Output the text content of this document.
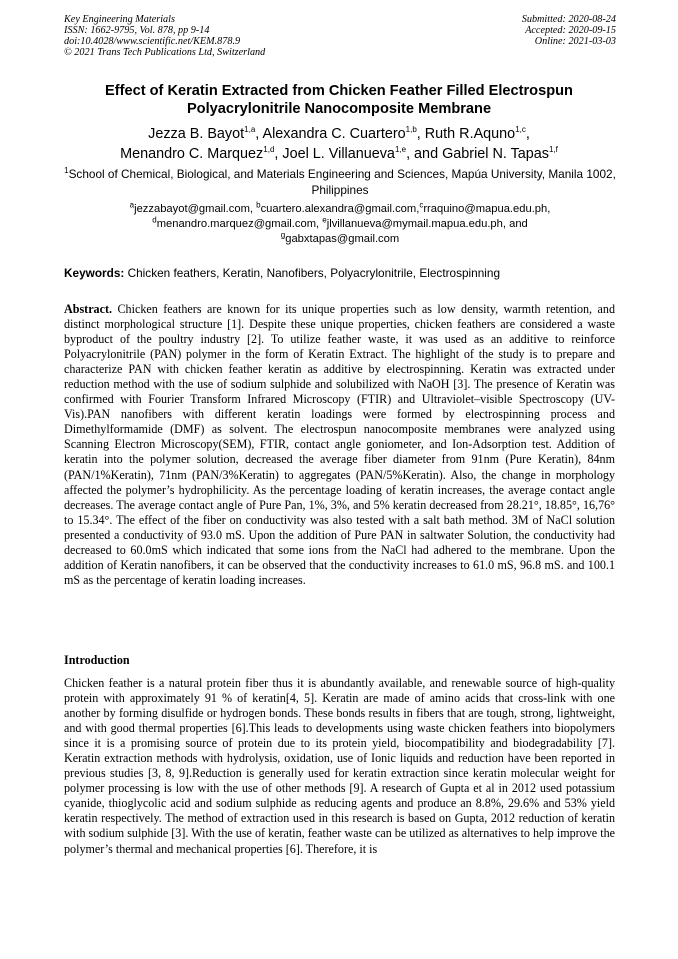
Key Engineering Materials
ISSN: 1662-9795, Vol. 878, pp 9-14
doi:10.4028/www.scientific.net/KEM.878.9
© 2021 Trans Tech Publications Ltd, Switzerland
Submitted: 2020-08-24
Accepted: 2020-09-15
Online: 2021-03-03
Effect of Keratin Extracted from Chicken Feather Filled Electrospun
Polyacrylonitrile Nanocomposite Membrane
Jezza B. Bayot$^{1,a}$, Alexandra C. Cuartero$^{1,b}$, Ruth R.Aquno$^{1,c}$,
Menandro C. Marquez$^{1,d}$, Joel L. Villanueva$^{1,e}$, and Gabriel N. Tapas$^{1,f}$
$^1$School of Chemical, Biological, and Materials Engineering and Sciences, Mapúa University, Manila 1002, Philippines
$^a$jezzabayot@gmail.com, $^b$cuartero.alexandra@gmail.com,$^c$rraquino@mapua.edu.ph,
$^d$menandro.marquez@gmail.com, $^e$jlvillanueva@mymail.mapua.edu.ph, and
$^g$gabxtapas@gmail.com
Keywords: Chicken feathers, Keratin, Nanofibers, Polyacrylonitrile, Electrospinning
Abstract. Chicken feathers are known for its unique properties such as low density, warmth retention, and distinct morphological structure [1]. Despite these unique properties, chicken feathers are considered a waste byproduct of the poultry industry [2]. To utilize feather waste, it was used as an additive to reinforce Polyacrylonitrile (PAN) polymer in the form of Keratin Extract. The highlight of the study is to prepare and characterize PAN with chicken feather keratin as additive by electrospinning. Keratin was extracted under reduction method with the use of sodium sulphide and solubilized with NaOH [3]. The presence of Keratin was confirmed with Fourier Transform Infrared Microscopy (FTIR) and Ultraviolet–visible Spectroscopy (UV-Vis).PAN nanofibers with different keratin loadings were formed by electrospinning process and Dimethylformamide (DMF) as solvent. The electrospun nanocomposite membranes were analyzed using Scanning Electron Microscopy(SEM), FTIR, contact angle goniometer, and Ion-Adsorption test. Addition of keratin into the polymer solution, decreased the average fiber diameter from 91nm (Pure Keratin), 84nm (PAN/1%Keratin), 71nm (PAN/3%Keratin) to aggregates (PAN/5%Keratin). Also, the change in morphology affected the polymer’s hydrophilicity. As the percentage loading of keratin increases, the average contact angle decreases. The average contact angle of Pure Pan, 1%, 3%, and 5% keratin decreased from 28.21°, 18.85°, 16,76° to 15.34°. The effect of the fiber on conductivity was also tested with a salt bath method. 3M of NaCl solution presented a conductivity of 93.0 mS. Upon the addition of Pure PAN in saltwater Solution, the conductivity had decreased to 60.0mS which indicated that some ions from the NaCl had adhered to the membrane. Upon the addition of Keratin nanofibers, it can be observed that the conductivity increases to 61.0 mS, 96.8 mS. and 100.1 mS as the percentage of keratin loading increases.
Introduction
Chicken feather is a natural protein fiber thus it is abundantly available, and renewable source of high-quality protein with approximately 91 % of keratin[4, 5]. Keratin are made of amino acids that cross-link with one another by forming disulfide or hydrogen bonds. These bonds results in fibers that are tough, strong, lightweight, and with good thermal properties [6].This leads to developments using waste chicken feathers into biopolymers since it is a promising source of protein due to its protein yield, biocompatibility and biodegradability [7]. Keratin extraction methods with hydrolysis, oxidation, use of Ionic liquids and reduction have been reported in previous studies [3, 8, 9].Reduction is generally used for keratin extraction since keratin molecular weight for polymer processing is low with the use of other methods [9]. A research of Gupta et al in 2012 used potassium cyanide, thioglycolic acid and sodium sulphide as reducing agents and produce an 8.8%, 29.6% and 53% yield keratin respectively. The method of extraction used in this research is based on Gupta, 2012 reduction of keratin with sodium sulphide [3]. With the use of keratin, feather waste can be utilized as alternatives to help improve the polymer’s thermal and mechanical properties [6]. Therefore, it is
